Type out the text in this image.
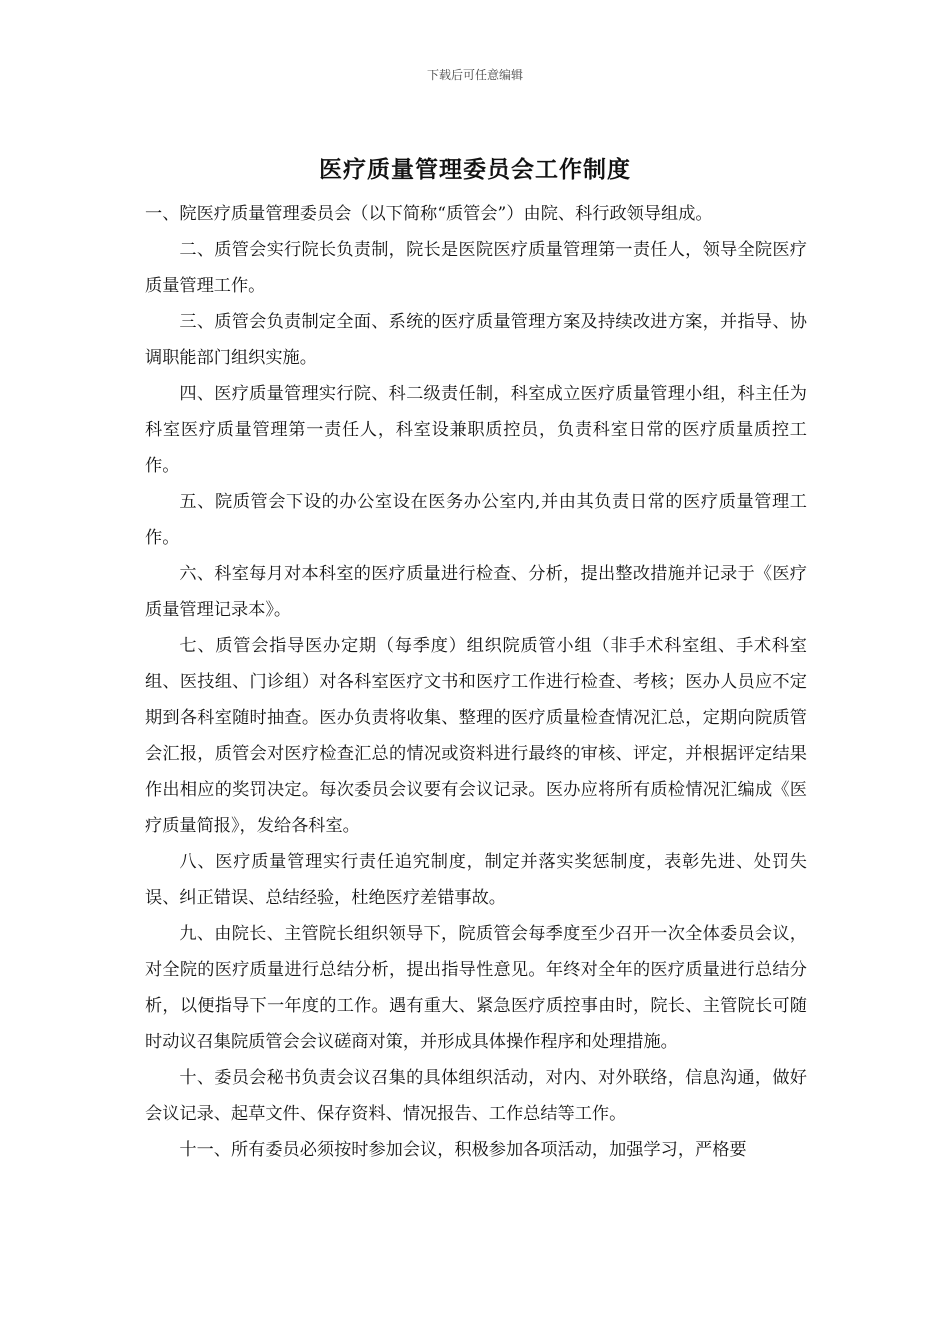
下载后可任意编辑
医疗质量管理委员会工作制度

一、院医疗质量管理委员会（以下简称“质管会”）由院、科行政领导组成。

二、质管会实行院长负责制，院长是医院医疗质量管理第一责任人，领导全院医疗质量管理工作。

三、质管会负责制定全面、系统的医疗质量管理方案及持续改进方案，并指导、协调职能部门组织实施。

四、医疗质量管理实行院、科二级责任制，科室成立医疗质量管理小组，科主任为科室医疗质量管理第一责任人，科室设兼职质控员，负责科室日常的医疗质量质控工作。

五、院质管会下设的办公室设在医务办公室内,并由其负责日常的医疗质量管理工作。

六、科室每月对本科室的医疗质量进行检查、分析，提出整改措施并记录于《医疗质量管理记录本》。

七、质管会指导医办定期（每季度）组织院质管小组（非手术科室组、手术科室组、医技组、门诊组）对各科室医疗文书和医疗工作进行检查、考核；医办人员应不定期到各科室随时抽查。医办负责将收集、整理的医疗质量检查情况汇总，定期向院质管会汇报，质管会对医疗检查汇总的情况或资料进行最终的审核、评定，并根据评定结果作出相应的奖罚决定。每次委员会议要有会议记录。医办应将所有质检情况汇编成《医疗质量简报》，发给各科室。

八、医疗质量管理实行责任追究制度，制定并落实奖惩制度，表彰先进、处罚失误、纠正错误、总结经验，杜绝医疗差错事故。

九、由院长、主管院长组织领导下，院质管会每季度至少召开一次全体委员会议，对全院的医疗质量进行总结分析，提出指导性意见。年终对全年的医疗质量进行总结分析，以便指导下一年度的工作。遇有重大、紧急医疗质控事由时，院长、主管院长可随时动议召集院质管会会议磋商对策，并形成具体操作程序和处理措施。

十、委员会秘书负责会议召集的具体组织活动，对内、对外联络，信息沟通，做好会议记录、起草文件、保存资料、情况报告、工作总结等工作。

十一、所有委员必须按时参加会议，积极参加各项活动，加强学习，严格要
